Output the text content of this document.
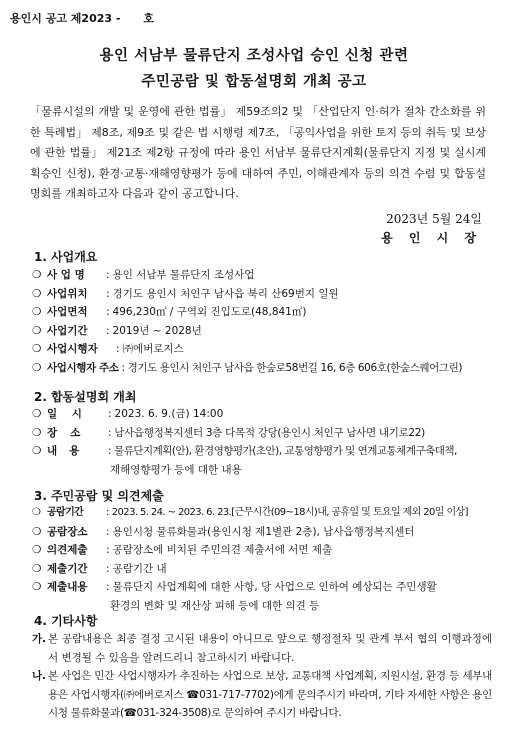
용인시 공고 제2023 -      호
용인 서남부 물류단지 조성사업 승인 신청 관련
주민공람 및 합동설명회 개최 공고

「물류시설의 개발 및 운영에 관한 법률」 제59조의2 및 「산업단지 인·허가 절차 간소화를 위한 특례법」 제8조, 제9조 및 같은 법 시행령 제7조, 「공익사업을 위한 토지 등의 취득 및 보상에 관한 법률」 제21조 제2항 규정에 따라 용인 서남부 물류단지계획(물류단지 지정 및 실시계획승인 신청), 환경·교통·재해영향평가 등에 대하여 주민, 이해관계자 등의 의견 수렴 및 합동설명회를 개최하고자 다음과 같이 공고합니다.

2023년 5월 24일
용 인 시 장
1. 사업개요
❍ 사 업 명	: 용인 서남부 물류단지 조성사업
❍ 사업위치	: 경기도 용인시 처인구 남사읍 북리 산69번지 일원
❍ 사업면적	: 496,230㎡ / 구역외 진입도로(48,841㎡)
❍ 사업기간	: 2019년 ~ 2028년
❍ 사업시행자	: ㈜에버로지스
❍ 사업시행자 주소 : 경기도 용인시 처인구 남사읍 한숲로58번길 16, 6층 606호(한숲스퀘어그린)
2. 합동설명회 개최
❍ 일    시	: 2023. 6. 9.(금) 14:00
❍ 장    소	: 남사읍행정복지센터 3층 다목적 강당(용인시 처인구 남사면 내기로22)
❍ 내    용	: 물류단지계획(안), 환경영향평가(초안), 교통영향평가 및 연계교통체계구축대책,
재해영향평가 등에 대한 내용
3. 주민공람 및 의견제출
❍ 공람기간	: 2023. 5. 24. ~ 2023. 6. 23.[근무시간(09~18시)내, 공휴일 및 토요일 제외 20일 이상]
❍ 공람장소	: 용인시청 물류화물과(용인시청 제1별관 2층), 남사읍행정복지센터
❍ 의견제출	: 공람장소에 비치된 주민의견 제출서에 서면 제출
❍ 제출기간	: 공람기간 내
❍ 제출내용	: 물류단지 사업계획에 대한 사항, 당 사업으로 인하여 예상되는 주민생활
환경의 변화 및 재산상 피해 등에 대한 의견 등
4. 기타사항
가. 본 공람내용은 최종 결정 고시된 내용이 아니므로 앞으로 행정절차 및 관계 부서 협의 이행과정에서 변경될 수 있음을 알려드리니 참고하시기 바랍니다.
나. 본 사업은 민간 사업시행자가 추진하는 사업으로 보상, 교통대책 사업계획, 지원시설, 환경 등 세부내용은 사업시행자(㈜에버로지스 ☎031-717-7702)에게 문의주시기 바라며, 기타 자세한 사항은 용인시청 물류화물과(☎031-324-3508)로 문의하여 주시기 바랍니다.
